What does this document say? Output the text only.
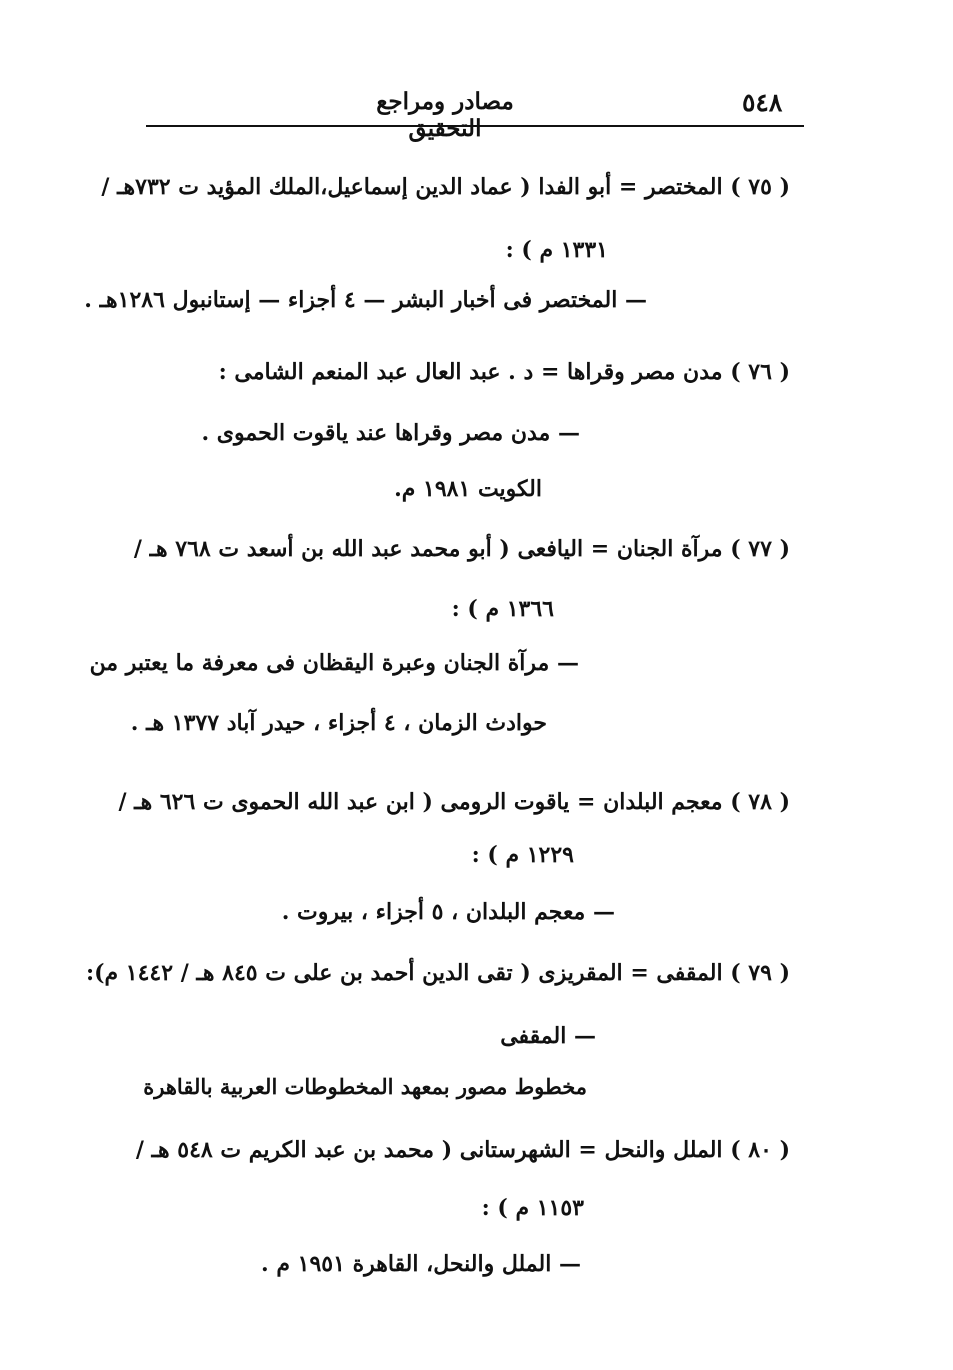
٥٤٨
مصادر ومراجع التحقيق
( ٧٥ ) المختصر = أبو الفدا ( عماد الدين إسماعيل،الملك المؤيد ت ٧٣٢هـ /
١٣٣١ م ) :
— المختصر فى أخبار البشر — ٤ أجزاء — إستانبول ١٢٨٦هـ .
( ٧٦ ) مدن مصر وقراها = د . عبد العال عبد المنعم الشامى :
— مدن مصر وقراها عند ياقوت الحموى .
الكويت ١٩٨١ م.
( ٧٧ ) مرآة الجنان = اليافعى ( أبو محمد عبد الله بن أسعد ت ٧٦٨ هـ /
١٣٦٦ م ) :
— مرآة الجنان وعبرة اليقظان فى معرفة ما يعتبر من
حوادث الزمان ، ٤ أجزاء ، حيدر آباد ١٣٧٧ هـ .
( ٧٨ ) معجم البلدان = ياقوت الرومى ( ابن عبد الله الحموى ت ٦٢٦ هـ /
١٢٢٩ م ) :
— معجم البلدان ، ٥ أجزاء ، بيروت .
( ٧٩ ) المقفى = المقريزى ( تقى الدين أحمد بن على ت ٨٤٥ هـ / ١٤٤٢ م):
— المقفى
مخطوط مصور بمعهد المخطوطات العربية بالقاهرة
( ٨٠ ) الملل والنحل = الشهرستانى ( محمد بن عبد الكريم ت ٥٤٨ هـ /
١١٥٣ م ) :
— الملل والنحل، القاهرة ١٩٥١ م .
